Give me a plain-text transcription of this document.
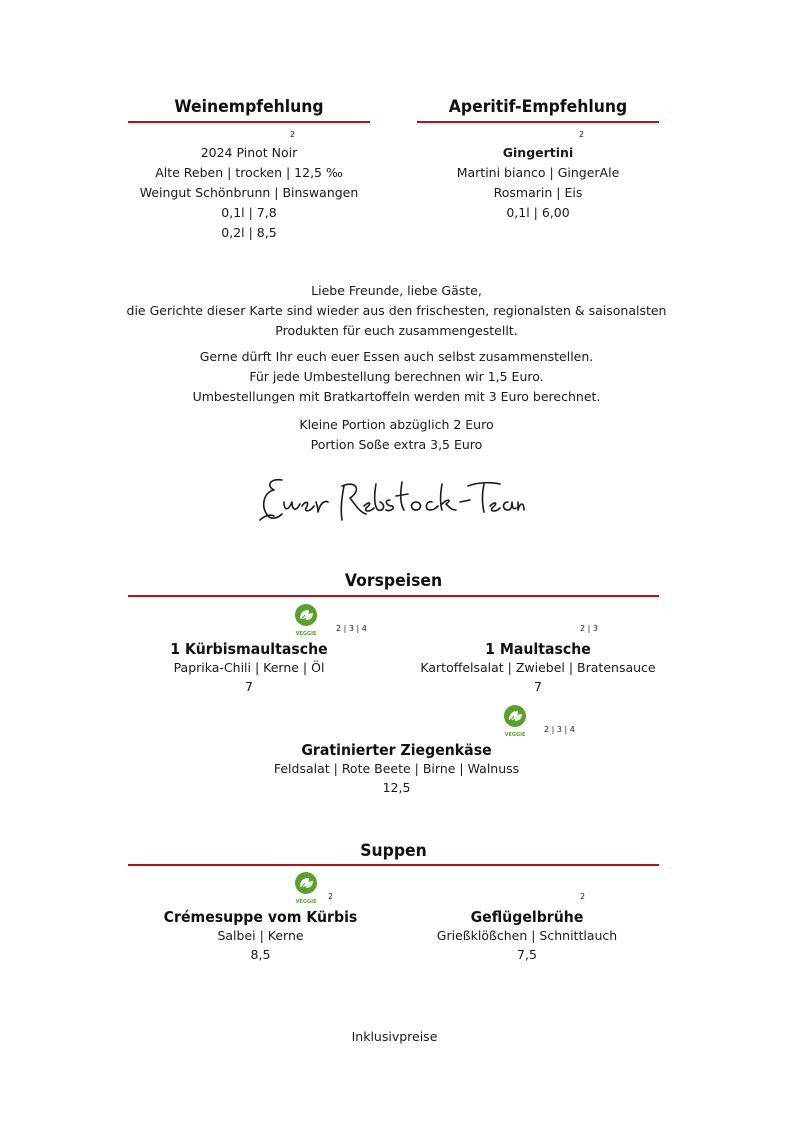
Weinempfehlung
2
2024 Pinot Noir
Alte Reben | trocken | 12,5 ‰
Weingut Schönbrunn | Binswangen
0,1l | 7,8
0,2l | 8,5
Aperitif-Empfehlung
2
Gingertini
Martini bianco | GingerAle
Rosmarin | Eis
0,1l | 6,00
Liebe Freunde, liebe Gäste,
die Gerichte dieser Karte sind wieder aus den frischesten, regionalsten & saisonalsten
Produkten für euch zusammengestellt.
Gerne dürft Ihr euch euer Essen auch selbst zusammenstellen.
Für jede Umbestellung berechnen wir 1,5 Euro.
Umbestellungen mit Bratkartoffeln werden mit 3 Euro berechnet.
Kleine Portion abzüglich 2 Euro
Portion Soße extra 3,5 Euro
Vorspeisen
VEGGIE
2 | 3 | 4
1 Kürbismaultasche
Paprika-Chili | Kerne | Öl
7
2 | 3
1 Maultasche
Kartoffelsalat | Zwiebel | Bratensauce
7
VEGGIE
2 | 3 | 4
Gratinierter Ziegenkäse
Feldsalat | Rote Beete | Birne | Walnuss
12,5
Suppen
VEGGIE
2
Crémesuppe vom Kürbis
Salbei | Kerne
8,5
2
Geflügelbrühe
Grießklößchen | Schnittlauch
7,5
Inklusivpreise
